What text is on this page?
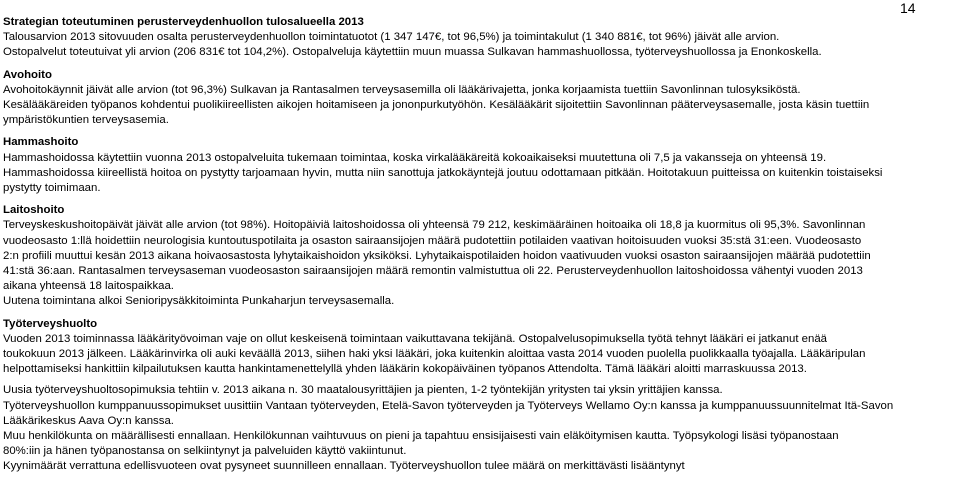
14

Strategian toteutuminen perusterveydenhuollon tulosalueella 2013

Talousarvion 2013 sitovuuden osalta perusterveydenhuollon toimintatuotot (1 347 147€, tot 96,5%) ja toimintakulut (1 340 881€, tot 96%) jäivät alle arvion.

Ostopalvelut toteutuivat yli arvion (206 831€ tot 104,2%). Ostopalveluja käytettiin muun muassa Sulkavan hammashuollossa, työterveyshuollossa ja Enonkoskella.

Avohoito

Avohoitokäynnit jäivät alle arvion (tot 96,3%) Sulkavan ja Rantasalmen terveysasemilla oli lääkärivajetta, jonka korjaamista tuettiin Savonlinnan tulosyksiköstä.

Kesälääkäreiden työpanos kohdentui puolikiireellisten aikojen hoitamiseen ja jononpurkutyöhön. Kesälääkärit sijoitettiin Savonlinnan pääterveysasemalle, josta käsin tuettiin

ympäristökuntien terveysasemia.

Hammashoito

Hammashoidossa käytettiin vuonna 2013 ostopalveluita tukemaan toimintaa, koska virkalääkäreitä kokoaikaiseksi muutettuna oli 7,5 ja vakansseja on yhteensä 19.

Hammashoidossa kiireellistä hoitoa on pystytty tarjoamaan hyvin, mutta niin sanottuja jatkokäyntejä joutuu odottamaan pitkään. Hoitotakuun puitteissa on kuitenkin toistaiseksi

pystytty toimimaan.

Laitoshoito

Terveyskeskushoitopäivät jäivät alle arvion (tot 98%). Hoitopäiviä laitoshoidossa oli yhteensä 79 212, keskimääräinen hoitoaika oli 18,8 ja kuormitus oli 95,3%. Savonlinnan

vuodeosasto 1:llä hoidettiin neurologisia kuntoutuspotilaita ja osaston sairaansijojen määrä pudotettiin potilaiden vaativan hoitoisuuden vuoksi 35:stä 31:een. Vuodeosasto

2:n profiili muuttui kesän 2013 aikana hoivaosastosta lyhytaikaishoidon yksiköksi. Lyhytaikaispotilaiden hoidon vaativuuden vuoksi osaston sairaansijojen määrää pudotettiin

41:stä 36:aan. Rantasalmen terveysaseman vuodeosaston sairaansijojen määrä remontin valmistuttua oli 22. Perusterveydenhuollon laitoshoidossa vähentyi vuoden 2013

aikana yhteensä 18 laitospaikkaa.

Uutena toimintana alkoi Senioripysäkkitoiminta Punkaharjun terveysasemalla.

Työterveyshuolto

Vuoden 2013 toiminnassa lääkärityövoiman vaje on ollut keskeisenä toimintaan vaikuttavana tekijänä. Ostopalvelusopimuksella työtä tehnyt lääkäri ei jatkanut enää

toukokuun 2013 jälkeen. Lääkärinvirka oli auki keväällä 2013, siihen haki yksi lääkäri, joka kuitenkin aloittaa vasta 2014 vuoden puolella puolikkaalla työajalla. Lääkäripulan

helpottamiseksi hankittiin kilpailutuksen kautta hankintamenettelyllä yhden lääkärin kokopäiväinen työpanos Attendolta. Tämä lääkäri aloitti marraskuussa 2013.

Uusia työterveyshuoltosopimuksia tehtiin v. 2013 aikana n. 30 maatalousyrittäjien ja pienten, 1-2 työntekijän yritysten tai yksin yrittäjien kanssa.

Työterveyshuollon kumppanuussopimukset uusittiin Vantaan työterveyden, Etelä-Savon työterveyden ja Työterveys Wellamo Oy:n kanssa ja kumppanuussuunnitelmat Itä-Savon

Lääkärikeskus Aava Oy:n kanssa.

Muu henkilökunta on määrällisesti ennallaan. Henkilökunnan vaihtuvuus on pieni ja tapahtuu ensisijaisesti vain eläköitymisen kautta. Työpsykologi lisäsi työpanostaan

80%:iin ja hänen työpanostansa on selkiintynyt ja palveluiden käyttö vakiintunut.

Kyynimäärät verrattuna edellisvuoteen ovat pysyneet suunnilleen ennallaan. Työterveyshuollon tulee määrä on merkittävästi lisääntynyt
